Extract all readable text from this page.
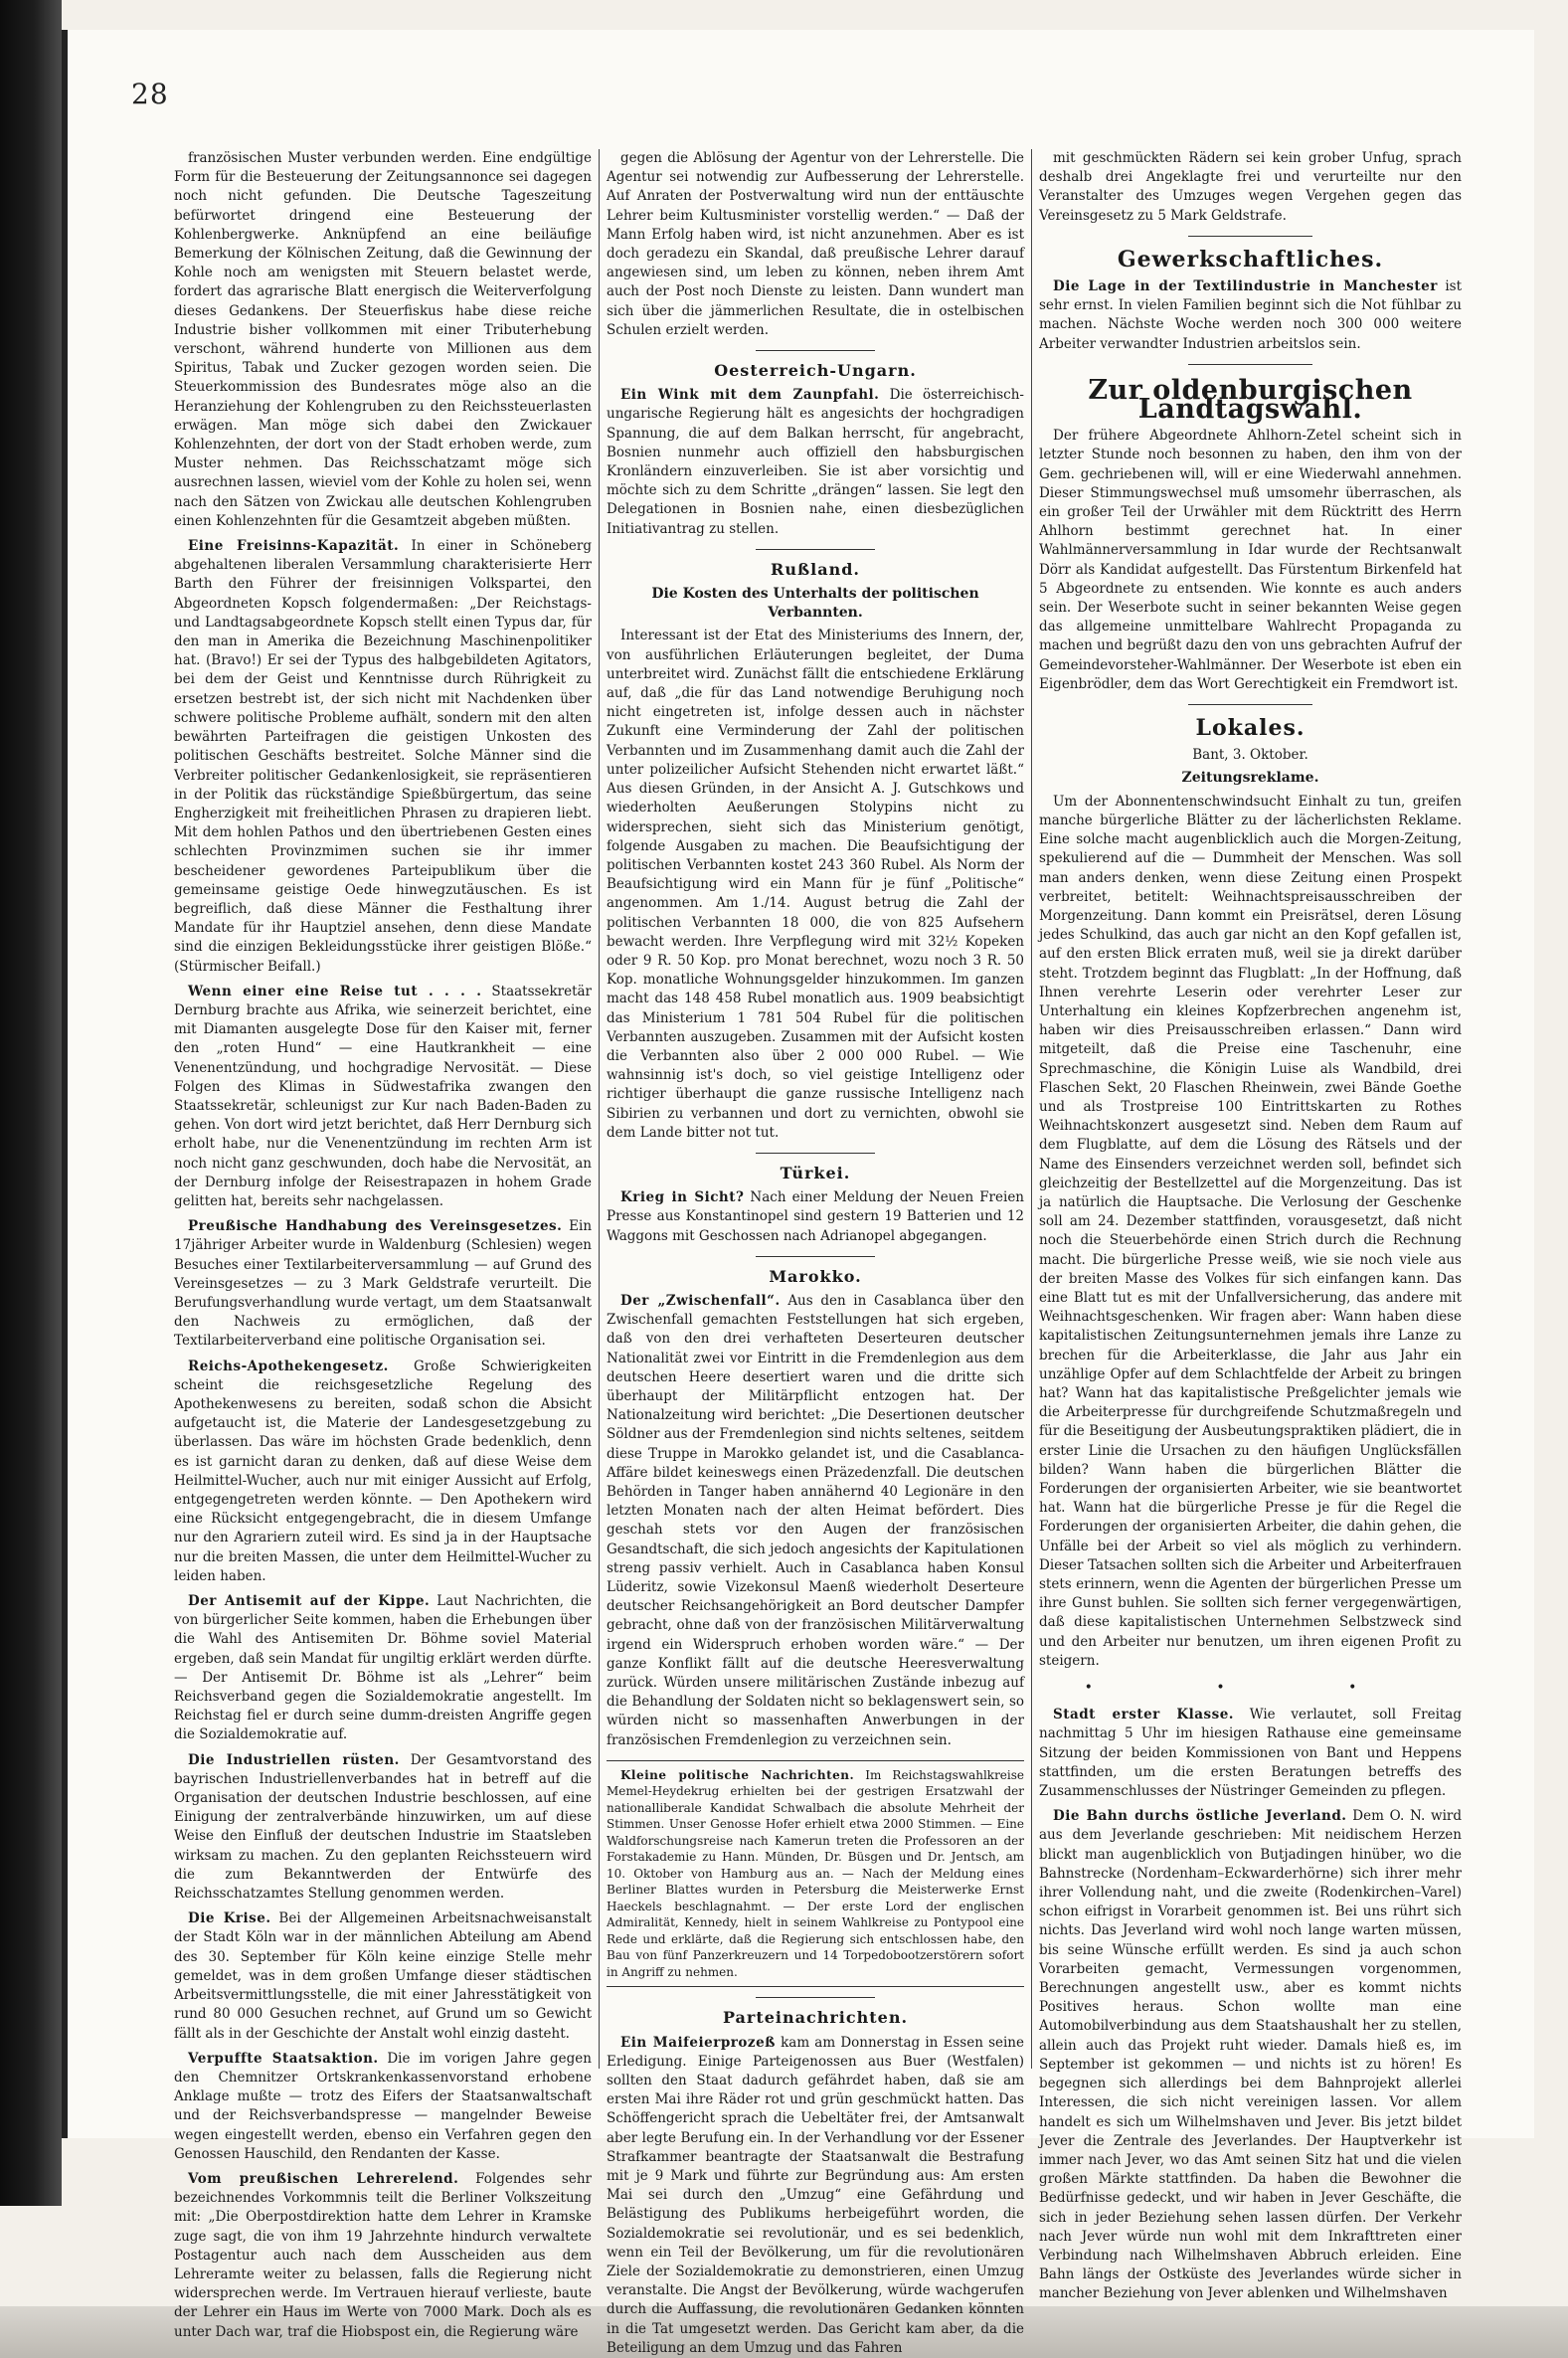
28

französischen Muster verbunden werden. Eine endgültige Form für die Besteuerung der Zeitungsannonce sei dagegen noch nicht gefunden. Die Deutsche Tageszeitung befürwortet dringend eine Besteuerung der Kohlenbergwerke. Anknüpfend an eine beiläufige Bemerkung der Kölnischen Zeitung, daß die Gewinnung der Kohle noch am wenigsten mit Steuern belastet werde, fordert das agrarische Blatt energisch die Weiterverfolgung dieses Gedankens. Der Steuerfiskus habe diese reiche Industrie bisher vollkommen mit einer Tributerhebung verschont, während hunderte von Millionen aus dem Spiritus, Tabak und Zucker gezogen worden seien. Die Steuerkommission des Bundesrates möge also an die Heranziehung der Kohlengruben zu den Reichssteuerlasten erwägen. Man möge sich dabei den Zwickauer Kohlenzehnten, der dort von der Stadt erhoben werde, zum Muster nehmen. Das Reichsschatzamt möge sich ausrechnen lassen, wieviel vom der Kohle zu holen sei, wenn nach den Sätzen von Zwickau alle deutschen Kohlengruben einen Kohlenzehnten für die Gesamtzeit abgeben müßten.

Eine Freisinns-Kapazität. In einer in Schöneberg abgehaltenen liberalen Versammlung charakterisierte Herr Barth den Führer der freisinnigen Volkspartei, den Abgeordneten Kopsch folgendermaßen: „Der Reichstags- und Landtagsabgeordnete Kopsch stellt einen Typus dar, für den man in Amerika die Bezeichnung Maschinenpolitiker hat. (Bravo!) Er sei der Typus des halbgebildeten Agitators, bei dem der Geist und Kenntnisse durch Rührigkeit zu ersetzen bestrebt ist, der sich nicht mit Nachdenken über schwere politische Probleme aufhält, sondern mit den alten bewährten Parteifragen die geistigen Unkosten des politischen Geschäfts bestreitet. Solche Männer sind die Verbreiter politischer Gedankenlosigkeit, sie repräsentieren in der Politik das rückständige Spießbürgertum, das seine Engherzigkeit mit freiheitlichen Phrasen zu drapieren liebt. Mit dem hohlen Pathos und den übertriebenen Gesten eines schlechten Provinzmimen suchen sie ihr immer bescheidener gewordenes Parteipublikum über die gemeinsame geistige Oede hinwegzutäuschen. Es ist begreiflich, daß diese Männer die Festhaltung ihrer Mandate für ihr Hauptziel ansehen, denn diese Mandate sind die einzigen Bekleidungsstücke ihrer geistigen Blöße.“ (Stürmischer Beifall.)

Wenn einer eine Reise tut . . . . Staatssekretär Dernburg brachte aus Afrika, wie seinerzeit berichtet, eine mit Diamanten ausgelegte Dose für den Kaiser mit, ferner den „roten Hund“ — eine Hautkrankheit — eine Venenentzündung, und hochgradige Nervosität. — Diese Folgen des Klimas in Südwestafrika zwangen den Staatssekretär, schleunigst zur Kur nach Baden-Baden zu gehen. Von dort wird jetzt berichtet, daß Herr Dernburg sich erholt habe, nur die Venenentzündung im rechten Arm ist noch nicht ganz geschwunden, doch habe die Nervosität, an der Dernburg infolge der Reisestrapazen in hohem Grade gelitten hat, bereits sehr nachgelassen.

Preußische Handhabung des Vereinsgesetzes. Ein 17jähriger Arbeiter wurde in Waldenburg (Schlesien) wegen Besuches einer Textilarbeiterversammlung — auf Grund des Vereinsgesetzes — zu 3 Mark Geldstrafe verurteilt. Die Berufungsverhandlung wurde vertagt, um dem Staatsanwalt den Nachweis zu ermöglichen, daß der Textilarbeiterverband eine politische Organisation sei.

Reichs-Apothekengesetz. Große Schwierigkeiten scheint die reichsgesetzliche Regelung des Apothekenwesens zu bereiten, sodaß schon die Absicht aufgetaucht ist, die Materie der Landesgesetzgebung zu überlassen. Das wäre im höchsten Grade bedenklich, denn es ist garnicht daran zu denken, daß auf diese Weise dem Heilmittel-Wucher, auch nur mit einiger Aussicht auf Erfolg, entgegengetreten werden könnte. — Den Apothekern wird eine Rücksicht entgegengebracht, die in diesem Umfange nur den Agrariern zuteil wird. Es sind ja in der Hauptsache nur die breiten Massen, die unter dem Heilmittel-Wucher zu leiden haben.

Der Antisemit auf der Kippe. Laut Nachrichten, die von bürgerlicher Seite kommen, haben die Erhebungen über die Wahl des Antisemiten Dr. Böhme soviel Material ergeben, daß sein Mandat für ungiltig erklärt werden dürfte. — Der Antisemit Dr. Böhme ist als „Lehrer“ beim Reichsverband gegen die Sozialdemokratie angestellt. Im Reichstag fiel er durch seine dumm-dreisten Angriffe gegen die Sozialdemokratie auf.

Die Industriellen rüsten. Der Gesamtvorstand des bayrischen Industriellenverbandes hat in betreff auf die Organisation der deutschen Industrie beschlossen, auf eine Einigung der zentralverbände hinzuwirken, um auf diese Weise den Einfluß der deutschen Industrie im Staatsleben wirksam zu machen. Zu den geplanten Reichssteuern wird die zum Bekanntwerden der Entwürfe des Reichsschatzamtes Stellung genommen werden.

Die Krise. Bei der Allgemeinen Arbeitsnachweisanstalt der Stadt Köln war in der männlichen Abteilung am Abend des 30. September für Köln keine einzige Stelle mehr gemeldet, was in dem großen Umfange dieser städtischen Arbeitsvermittlungsstelle, die mit einer Jahresstätigkeit von rund 80 000 Gesuchen rechnet, auf Grund um so Gewicht fällt als in der Geschichte der Anstalt wohl einzig dasteht.

Verpuffte Staatsaktion. Die im vorigen Jahre gegen den Chemnitzer Ortskrankenkassenvorstand erhobene Anklage mußte — trotz des Eifers der Staatsanwaltschaft und der Reichsverbandspresse — mangelnder Beweise wegen eingestellt werden, ebenso ein Verfahren gegen den Genossen Hauschild, den Rendanten der Kasse.

Vom preußischen Lehrerelend. Folgendes sehr bezeichnendes Vorkommnis teilt die Berliner Volkszeitung mit: „Die Oberpostdirektion hatte dem Lehrer in Kramske zuge sagt, die von ihm 19 Jahrzehnte hindurch verwaltete Postagentur auch nach dem Ausscheiden aus dem Lehreramte weiter zu belassen, falls die Regierung nicht widersprechen werde. Im Vertrauen hierauf verlieste, baute der Lehrer ein Haus im Werte von 7000 Mark. Doch als es unter Dach war, traf die Hiobspost ein, die Regierung wäre

gegen die Ablösung der Agentur von der Lehrerstelle. Die Agentur sei notwendig zur Aufbesserung der Lehrerstelle. Auf Anraten der Postverwaltung wird nun der enttäuschte Lehrer beim Kultusminister vorstellig werden.“ — Daß der Mann Erfolg haben wird, ist nicht anzunehmen. Aber es ist doch geradezu ein Skandal, daß preußische Lehrer darauf angewiesen sind, um leben zu können, neben ihrem Amt auch der Post noch Dienste zu leisten. Dann wundert man sich über die jämmerlichen Resultate, die in ostelbischen Schulen erzielt werden.

Oesterreich-Ungarn.

Ein Wink mit dem Zaunpfahl. Die österreichisch-ungarische Regierung hält es angesichts der hochgradigen Spannung, die auf dem Balkan herrscht, für angebracht, Bosnien nunmehr auch offiziell den habsburgischen Kronländern einzuverleiben. Sie ist aber vorsichtig und möchte sich zu dem Schritte „drängen“ lassen. Sie legt den Delegationen in Bosnien nahe, einen diesbezüglichen Initiativantrag zu stellen.

Rußland.
Die Kosten des Unterhalts der politischen Verbannten.

Interessant ist der Etat des Ministeriums des Innern, der, von ausführlichen Erläuterungen begleitet, der Duma unterbreitet wird. Zunächst fällt die entschiedene Erklärung auf, daß „die für das Land notwendige Beruhigung noch nicht eingetreten ist, infolge dessen auch in nächster Zukunft eine Verminderung der Zahl der politischen Verbannten und im Zusammenhang damit auch die Zahl der unter polizeilicher Aufsicht Stehenden nicht erwartet läßt.“ Aus diesen Gründen, in der Ansicht A. J. Gutschkows und wiederholten Aeußerungen Stolypins nicht zu widersprechen, sieht sich das Ministerium genötigt, folgende Ausgaben zu machen. Die Beaufsichtigung der politischen Verbannten kostet 243 360 Rubel. Als Norm der Beaufsichtigung wird ein Mann für je fünf „Politische“ angenommen. Am 1./14. August betrug die Zahl der politischen Verbannten 18 000, die von 825 Aufsehern bewacht werden. Ihre Verpflegung wird mit 32½ Kopeken oder 9 R. 50 Kop. pro Monat berechnet, wozu noch 3 R. 50 Kop. monatliche Wohnungsgelder hinzukommen. Im ganzen macht das 148 458 Rubel monatlich aus. 1909 beabsichtigt das Ministerium 1 781 504 Rubel für die politischen Verbannten auszugeben. Zusammen mit der Aufsicht kosten die Verbannten also über 2 000 000 Rubel. — Wie wahnsinnig ist's doch, so viel geistige Intelligenz oder richtiger überhaupt die ganze russische Intelligenz nach Sibirien zu verbannen und dort zu vernichten, obwohl sie dem Lande bitter not tut.

Türkei.

Krieg in Sicht? Nach einer Meldung der Neuen Freien Presse aus Konstantinopel sind gestern 19 Batterien und 12 Waggons mit Geschossen nach Adrianopel abgegangen.

Marokko.

Der „Zwischenfall“. Aus den in Casablanca über den Zwischenfall gemachten Feststellungen hat sich ergeben, daß von den drei verhafteten Deserteuren deutscher Nationalität zwei vor Eintritt in die Fremdenlegion aus dem deutschen Heere desertiert waren und die dritte sich überhaupt der Militärpflicht entzogen hat. Der Nationalzeitung wird berichtet: „Die Desertionen deutscher Söldner aus der Fremdenlegion sind nichts seltenes, seitdem diese Truppe in Marokko gelandet ist, und die Casablanca-Affäre bildet keineswegs einen Präzedenzfall. Die deutschen Behörden in Tanger haben annähernd 40 Legionäre in den letzten Monaten nach der alten Heimat befördert. Dies geschah stets vor den Augen der französischen Gesandtschaft, die sich jedoch angesichts der Kapitulationen streng passiv verhielt. Auch in Casablanca haben Konsul Lüderitz, sowie Vizekonsul Maenß wiederholt Deserteure deutscher Reichsangehörigkeit an Bord deutscher Dampfer gebracht, ohne daß von der französischen Militärverwaltung irgend ein Widerspruch erhoben worden wäre.“ — Der ganze Konflikt fällt auf die deutsche Heeresverwaltung zurück. Würden unsere militärischen Zustände inbezug auf die Behandlung der Soldaten nicht so beklagenswert sein, so würden nicht so massenhaften Anwerbungen in der französischen Fremdenlegion zu verzeichnen sein.

Kleine politische Nachrichten. Im Reichstagswahlkreise Memel-Heydekrug erhielten bei der gestrigen Ersatzwahl der nationalliberale Kandidat Schwalbach die absolute Mehrheit der Stimmen. Unser Genosse Hofer erhielt etwa 2000 Stimmen. — Eine Waldforschungsreise nach Kamerun treten die Professoren an der Forstakademie zu Hann. Münden, Dr. Büsgen und Dr. Jentsch, am 10. Oktober von Hamburg aus an. — Nach der Meldung eines Berliner Blattes wurden in Petersburg die Meisterwerke Ernst Haeckels beschlagnahmt. — Der erste Lord der englischen Admiralität, Kennedy, hielt in seinem Wahlkreise zu Pontypool eine Rede und erklärte, daß die Regierung sich entschlossen habe, den Bau von fünf Panzerkreuzern und 14 Torpedobootzerstörern sofort in Angriff zu nehmen.

Parteinachrichten.

Ein Maifeierprozeß kam am Donnerstag in Essen seine Erledigung. Einige Parteigenossen aus Buer (Westfalen) sollten den Staat dadurch gefährdet haben, daß sie am ersten Mai ihre Räder rot und grün geschmückt hatten. Das Schöffengericht sprach die Uebeltäter frei, der Amtsanwalt aber legte Berufung ein. In der Verhandlung vor der Essener Strafkammer beantragte der Staatsanwalt die Bestrafung mit je 9 Mark und führte zur Begründung aus: Am ersten Mai sei durch den „Umzug“ eine Gefährdung und Belästigung des Publikums herbeigeführt worden, die Sozialdemokratie sei revolutionär, und es sei bedenklich, wenn ein Teil der Bevölkerung, um für die revolutionären Ziele der Sozialdemokratie zu demonstrieren, einen Umzug veranstalte. Die Angst der Bevölkerung, würde wachgerufen durch die Auffassung, die revolutionären Gedanken könnten in die Tat umgesetzt werden. Das Gericht kam aber, da die Beteiligung an dem Umzug und das Fahren

mit geschmückten Rädern sei kein grober Unfug, sprach deshalb drei Angeklagte frei und verurteilte nur den Veranstalter des Umzuges wegen Vergehen gegen das Vereinsgesetz zu 5 Mark Geldstrafe.

Gewerkschaftliches.

Die Lage in der Textilindustrie in Manchester ist sehr ernst. In vielen Familien beginnt sich die Not fühlbar zu machen. Nächste Woche werden noch 300 000 weitere Arbeiter verwandter Industrien arbeitslos sein.

Zur oldenburgischen Landtagswahl.

Der frühere Abgeordnete Ahlhorn-Zetel scheint sich in letzter Stunde noch besonnen zu haben, den ihm von der Gem. gechriebenen will, will er eine Wiederwahl annehmen. Dieser Stimmungswechsel muß umsomehr überraschen, als ein großer Teil der Urwähler mit dem Rücktritt des Herrn Ahlhorn bestimmt gerechnet hat. In einer Wahlmännerversammlung in Idar wurde der Rechtsanwalt Dörr als Kandidat aufgestellt. Das Fürstentum Birkenfeld hat 5 Abgeordnete zu entsenden. Wie konnte es auch anders sein. Der Weserbote sucht in seiner bekannten Weise gegen das allgemeine unmittelbare Wahlrecht Propaganda zu machen und begrüßt dazu den von uns gebrachten Aufruf der Gemeindevorsteher-Wahlmänner. Der Weserbote ist eben ein Eigenbrödler, dem das Wort Gerechtigkeit ein Fremdwort ist.

Lokales.
Bant, 3. Oktober.
Zeitungsreklame.

Um der Abonnentenschwindsucht Einhalt zu tun, greifen manche bürgerliche Blätter zu der lächerlichsten Reklame. Eine solche macht augenblicklich auch die Morgen-Zeitung, spekulierend auf die — Dummheit der Menschen. Was soll man anders denken, wenn diese Zeitung einen Prospekt verbreitet, betitelt: Weihnachtspreisausschreiben der Morgenzeitung. Dann kommt ein Preisrätsel, deren Lösung jedes Schulkind, das auch gar nicht an den Kopf gefallen ist, auf den ersten Blick erraten muß, weil sie ja direkt darüber steht. Trotzdem beginnt das Flugblatt: „In der Hoffnung, daß Ihnen verehrte Leserin oder verehrter Leser zur Unterhaltung ein kleines Kopfzerbrechen angenehm ist, haben wir dies Preisausschreiben erlassen.“ Dann wird mitgeteilt, daß die Preise eine Taschenuhr, eine Sprechmaschine, die Königin Luise als Wandbild, drei Flaschen Sekt, 20 Flaschen Rheinwein, zwei Bände Goethe und als Trostpreise 100 Eintrittskarten zu Rothes Weihnachtskonzert ausgesetzt sind. Neben dem Raum auf dem Flugblatte, auf dem die Lösung des Rätsels und der Name des Einsenders verzeichnet werden soll, befindet sich gleichzeitig der Bestellzettel auf die Morgenzeitung. Das ist ja natürlich die Hauptsache. Die Verlosung der Geschenke soll am 24. Dezember stattfinden, vorausgesetzt, daß nicht noch die Steuerbehörde einen Strich durch die Rechnung macht. Die bürgerliche Presse weiß, wie sie noch viele aus der breiten Masse des Volkes für sich einfangen kann. Das eine Blatt tut es mit der Unfallversicherung, das andere mit Weihnachtsgeschenken. Wir fragen aber: Wann haben diese kapitalistischen Zeitungsunternehmen jemals ihre Lanze zu brechen für die Arbeiterklasse, die Jahr aus Jahr ein unzählige Opfer auf dem Schlachtfelde der Arbeit zu bringen hat? Wann hat das kapitalistische Preßgelichter jemals wie die Arbeiterpresse für durchgreifende Schutzmaßregeln und für die Beseitigung der Ausbeutungspraktiken plädiert, die in erster Linie die Ursachen zu den häufigen Unglücksfällen bilden? Wann haben die bürgerlichen Blätter die Forderungen der organisierten Arbeiter, wie sie beantwortet hat. Wann hat die bürgerliche Presse je für die Regel die Forderungen der organisierten Arbeiter, die dahin gehen, die Unfälle bei der Arbeit so viel als möglich zu verhindern. Dieser Tatsachen sollten sich die Arbeiter und Arbeiterfrauen stets erinnern, wenn die Agenten der bürgerlichen Presse um ihre Gunst buhlen. Sie sollten sich ferner vergegenwärtigen, daß diese kapitalistischen Unternehmen Selbstzweck sind und den Arbeiter nur benutzen, um ihren eigenen Profit zu steigern.

• • •

Stadt erster Klasse. Wie verlautet, soll Freitag nachmittag 5 Uhr im hiesigen Rathause eine gemeinsame Sitzung der beiden Kommissionen von Bant und Heppens stattfinden, um die ersten Beratungen betreffs des Zusammenschlusses der Nüstringer Gemeinden zu pflegen.

Die Bahn durchs östliche Jeverland. Dem O. N. wird aus dem Jeverlande geschrieben: Mit neidischem Herzen blickt man augenblicklich von Butjadingen hinüber, wo die Bahnstrecke (Nordenham–Eckwarderhörne) sich ihrer mehr ihrer Vollendung naht, und die zweite (Rodenkirchen–Varel) schon eifrigst in Vorarbeit genommen ist. Bei uns rührt sich nichts. Das Jeverland wird wohl noch lange warten müssen, bis seine Wünsche erfüllt werden. Es sind ja auch schon Vorarbeiten gemacht, Vermessungen vorgenommen, Berechnungen angestellt usw., aber es kommt nichts Positives heraus. Schon wollte man eine Automobilverbindung aus dem Staatshaushalt her zu stellen, allein auch das Projekt ruht wieder. Damals hieß es, im September ist gekommen — und nichts ist zu hören! Es begegnen sich allerdings bei dem Bahnprojekt allerlei Interessen, die sich nicht vereinigen lassen. Vor allem handelt es sich um Wilhelmshaven und Jever. Bis jetzt bildet Jever die Zentrale des Jeverlandes. Der Hauptverkehr ist immer nach Jever, wo das Amt seinen Sitz hat und die vielen großen Märkte stattfinden. Da haben die Bewohner die Bedürfnisse gedeckt, und wir haben in Jever Geschäfte, die sich in jeder Beziehung sehen lassen dürfen. Der Verkehr nach Jever würde nun wohl mit dem Inkrafttreten einer Verbindung nach Wilhelmshaven Abbruch erleiden. Eine Bahn längs der Ostküste des Jeverlandes würde sicher in mancher Beziehung von Jever ablenken und Wilhelmshaven
